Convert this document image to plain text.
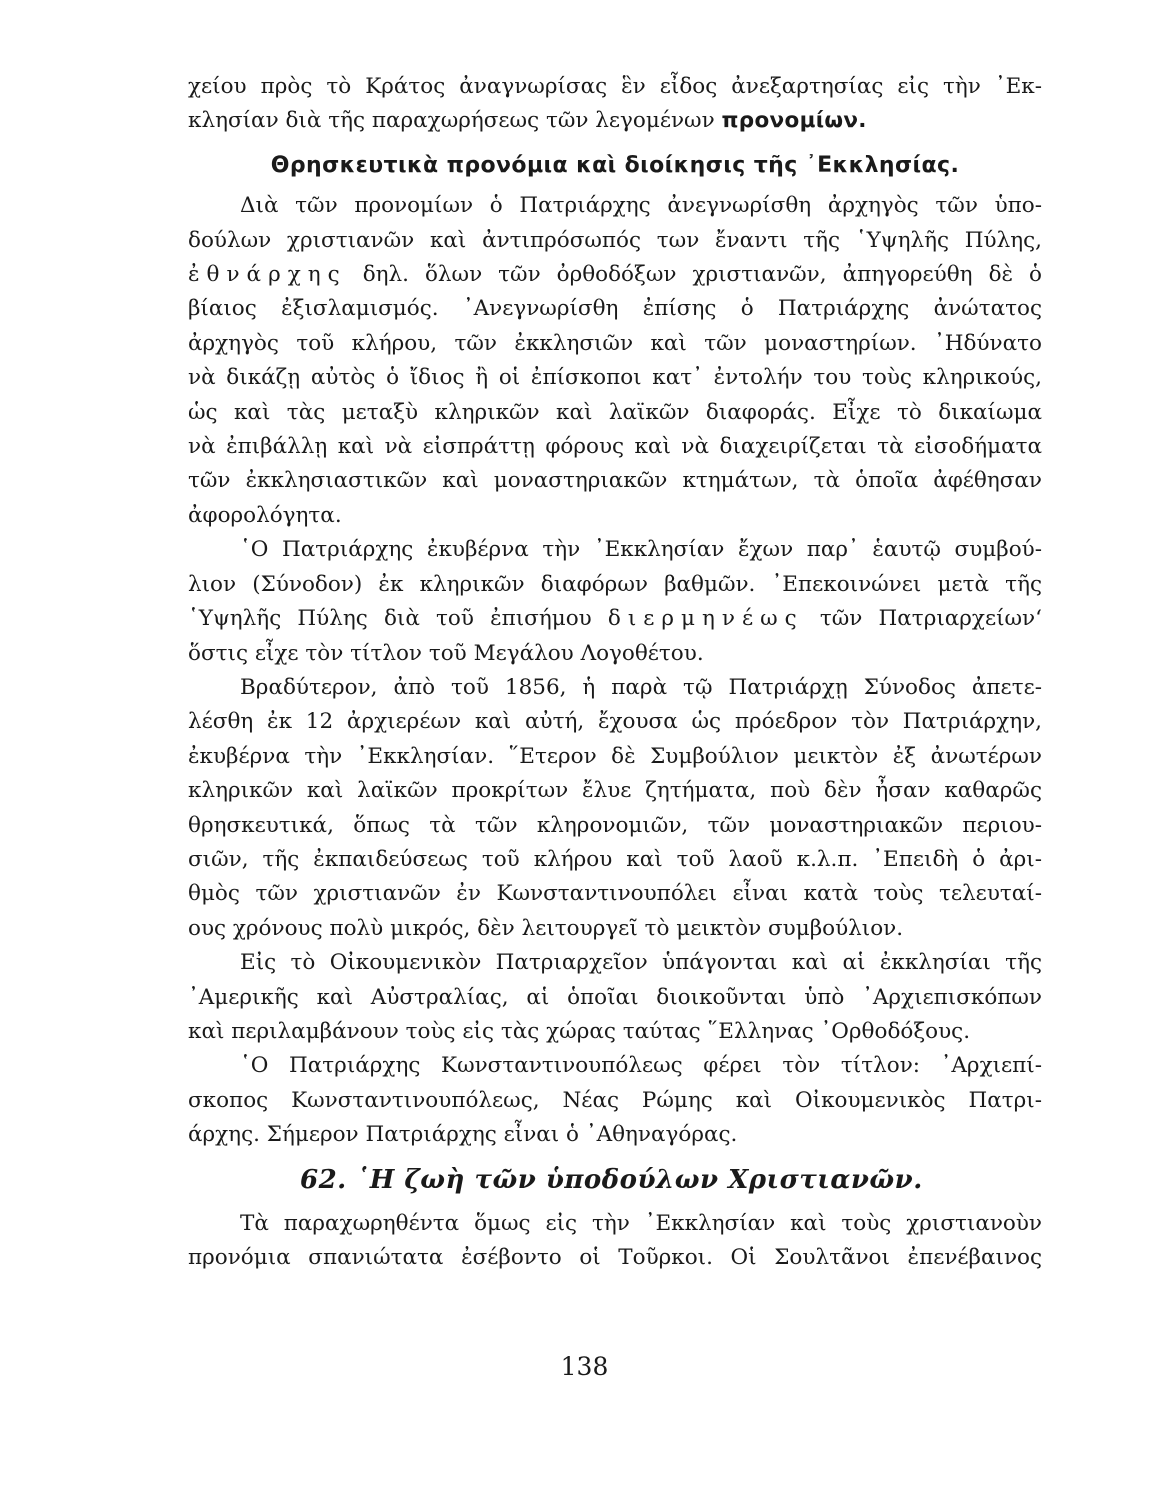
χείου πρὸς τὸ Κράτος ἀναγνωρίσας ἓν εἶδος ἀνεξαρτησίας εἰς τὴν ᾿Εκ-
κλησίαν διὰ τῆς παραχωρήσεως τῶν λεγομένων προνομίων.
Θρησκευτικὰ προνόμια καὶ διοίκησις τῆς ᾿Εκκλησίας.
Διὰ τῶν προνομίων ὁ Πατριάρχης ἀνεγνωρίσθη ἀρχηγὸς τῶν ὑπο-
δούλων χριστιανῶν καὶ ἀντιπρόσωπός των ἔναντι τῆς ῾Υψηλῆς Πύλης,
ἐθνάρχης δηλ. ὅλων τῶν ὀρθοδόξων χριστιανῶν, ἀπηγορεύθη δὲ ὁ
βίαιος ἐξισλαμισμός. ᾿Ανεγνωρίσθη ἐπίσης ὁ Πατριάρχης ἀνώτατος
ἀρχηγὸς τοῦ κλήρου, τῶν ἐκκλησιῶν καὶ τῶν μοναστηρίων. ᾿Ηδύνατο
νὰ δικάζῃ αὐτὸς ὁ ἴδιος ἢ οἱ ἐπίσκοποι κατ᾿ ἐντολήν του τοὺς κληρικούς,
ὡς καὶ τὰς μεταξὺ κληρικῶν καὶ λαϊκῶν διαφοράς. Εἶχε τὸ δικαίωμα
νὰ ἐπιβάλλῃ καὶ νὰ εἰσπράττῃ φόρους καὶ νὰ διαχειρίζεται τὰ εἰσοδήματα
τῶν ἐκκλησιαστικῶν καὶ μοναστηριακῶν κτημάτων, τὰ ὁποῖα ἀφέθησαν
ἀφορολόγητα.
῾Ο Πατριάρχης ἐκυβέρνα τὴν ᾿Εκκλησίαν ἔχων παρ᾿ ἑαυτῷ συμβού-
λιον (Σύνοδον) ἐκ κληρικῶν διαφόρων βαθμῶν. ᾿Επεκοινώνει μετὰ τῆς
῾Υψηλῆς Πύλης διὰ τοῦ ἐπισήμου διερμηνέως τῶν Πατριαρχείων‘
ὅστις εἶχε τὸν τίτλον τοῦ Μεγάλου Λογοθέτου.
Βραδύτερον, ἀπὸ τοῦ 1856, ἡ παρὰ τῷ Πατριάρχῃ Σύνοδος ἀπετε-
λέσθη ἐκ 12 ἀρχιερέων καὶ αὐτή, ἔχουσα ὡς πρόεδρον τὸν Πατριάρχην,
ἐκυβέρνα τὴν ᾿Εκκλησίαν. ῞Ετερον δὲ Συμβούλιον μεικτὸν ἐξ ἀνωτέρων
κληρικῶν καὶ λαϊκῶν προκρίτων ἔλυε ζητήματα, ποὺ δὲν ἦσαν καθαρῶς
θρησκευτικά, ὅπως τὰ τῶν κληρονομιῶν, τῶν μοναστηριακῶν περιου-
σιῶν, τῆς ἐκπαιδεύσεως τοῦ κλήρου καὶ τοῦ λαοῦ κ.λ.π. ᾿Επειδὴ ὁ ἀρι-
θμὸς τῶν χριστιανῶν ἐν Κωνσταντινουπόλει εἶναι κατὰ τοὺς τελευταί-
ους χρόνους πολὺ μικρός, δὲν λειτουργεῖ τὸ μεικτὸν συμβούλιον.
Εἰς τὸ Οἰκουμενικὸν Πατριαρχεῖον ὑπάγονται καὶ αἱ ἐκκλησίαι τῆς
᾿Αμερικῆς καὶ Αὐστραλίας, αἱ ὁποῖαι διοικοῦνται ὑπὸ ᾿Αρχιεπισκόπων
καὶ περιλαμβάνουν τοὺς εἰς τὰς χώρας ταύτας ῞Ελληνας ᾿Ορθοδόξους.
῾Ο Πατριάρχης Κωνσταντινουπόλεως φέρει τὸν τίτλον: ᾿Αρχιεπί-
σκοπος Κωνσταντινουπόλεως, Νέας Ρώμης καὶ Οἰκουμενικὸς Πατρι-
άρχης. Σήμερον Πατριάρχης εἶναι ὁ ᾿Αθηναγόρας.
62. ῾Η ζωὴ τῶν ὑποδούλων Χριστιανῶν.
Τὰ παραχωρηθέντα ὅμως εἰς τὴν ᾿Εκκλησίαν καὶ τοὺς χριστιανοὺν
προνόμια σπανιώτατα ἐσέβοντο οἱ Τοῦρκοι. Οἱ Σουλτᾶνοι ἐπενέβαινος
138
